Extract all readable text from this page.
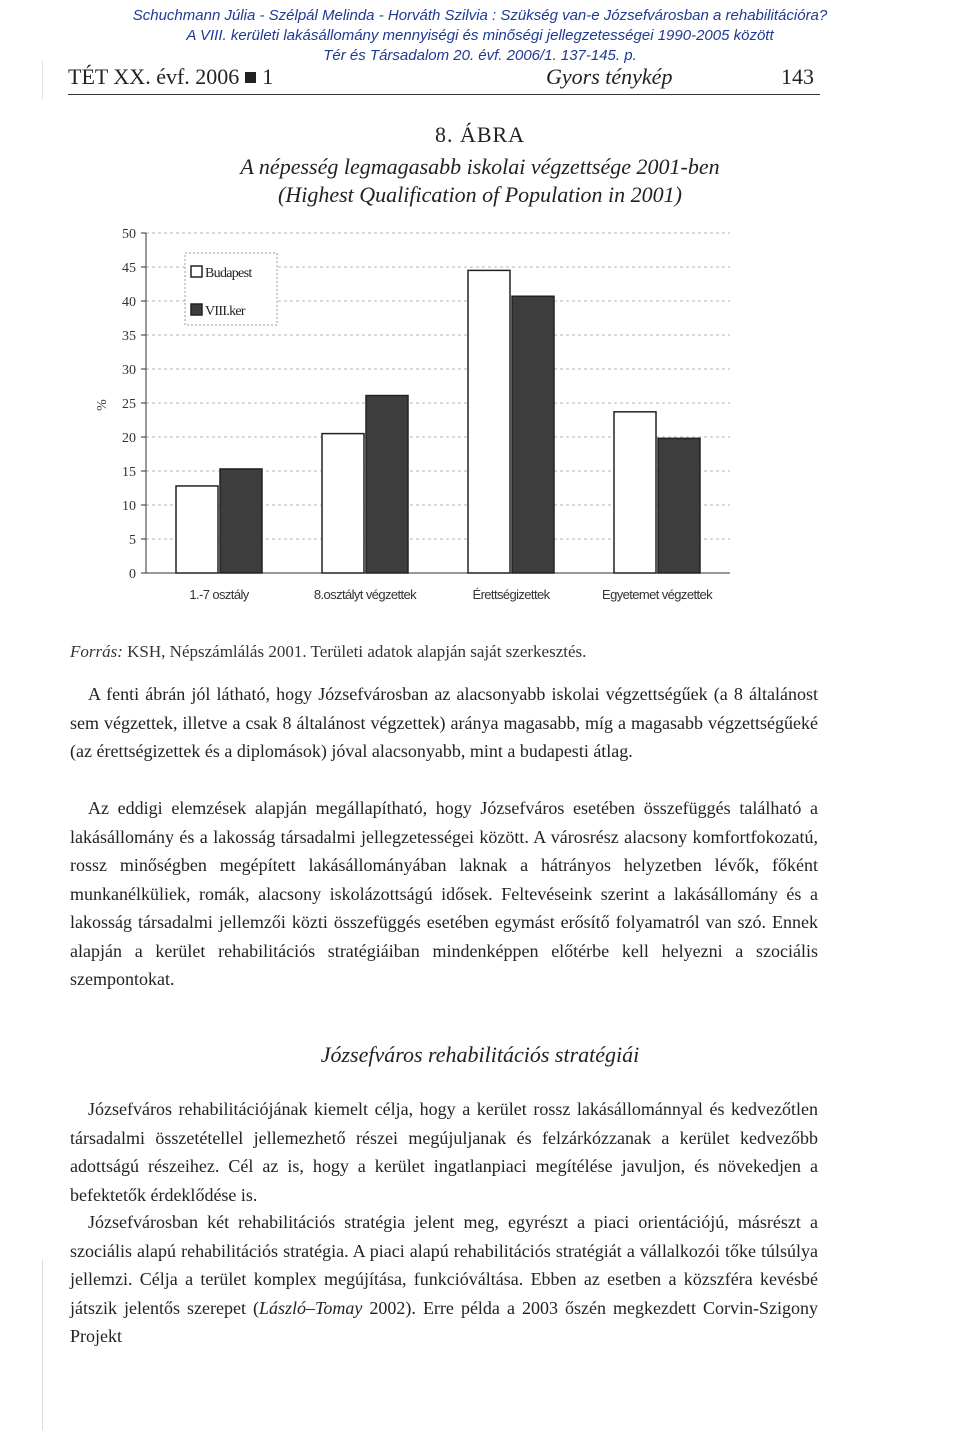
Schuchmann Júlia - Szélpál Melinda - Horváth Szilvia : Szükség van-e Józsefvárosban a rehabilitációra?
A VIII. kerületi lakásállomány mennyiségi és minőségi jellegzetességei 1990-2005 között
Tér és Társadalom 20. évf. 2006/1. 137-145. p.
TÉT XX. évf. 2006 1	Gyors ténykép	143
8. ÁBRA
A népesség legmagasabb iskolai végzettsége 2001-ben
(Highest Qualification of Population in 2001)
0
5
10
15
20
25
30
35
40
45
50
%
1.-7 osztály	8.osztályt végzettek	Érettségizettek	Egyetemet végzettek
Budapest
VIII.ker
Forrás: KSH, Népszámlálás 2001. Területi adatok alapján saját szerkesztés.

A fenti ábrán jól látható, hogy Józsefvárosban az alacsonyabb iskolai végzettségűek (a 8 általánost sem végzettek, illetve a csak 8 általánost végzettek) aránya magasabb, míg a magasabb végzettségűeké (az érettségizettek és a diplomások) jóval alacsonyabb, mint a budapesti átlag.

Az eddigi elemzések alapján megállapítható, hogy Józsefváros esetében összefüggés található a lakásállomány és a lakosság társadalmi jellegzetességei között. A városrész alacsony komfortfokozatú, rossz minőségben megépített lakásállományában laknak a hátrányos helyzetben lévők, főként munkanélküliek, romák, alacsony iskolázottságú idősek. Feltevéseink szerint a lakásállomány és a lakosság társadalmi jellemzői közti összefüggés esetében egymást erősítő folyamatról van szó. Ennek alapján a kerület rehabilitációs stratégiáiban mindenképpen előtérbe kell helyezni a szociális szempontokat.

Józsefváros rehabilitációs stratégiái

Józsefváros rehabilitációjának kiemelt célja, hogy a kerület rossz lakásállománnyal és kedvezőtlen társadalmi összetétellel jellemezhető részei megújuljanak és felzárkózzanak a kerület kedvezőbb adottságú részeihez. Cél az is, hogy a kerület ingatlanpiaci megítélése javuljon, és növekedjen a befektetők érdeklődése is.

Józsefvárosban két rehabilitációs stratégia jelent meg, egyrészt a piaci orientációjú, másrészt a szociális alapú rehabilitációs stratégia. A piaci alapú rehabilitációs stratégiát a vállalkozói tőke túlsúlya jellemzi. Célja a terület komplex megújítása, funkcióváltása. Ebben az esetben a közszféra kevésbé játszik jelentős szerepet (László–Tomay 2002). Erre példa a 2003 őszén megkezdett Corvin-Szigony Projekt
